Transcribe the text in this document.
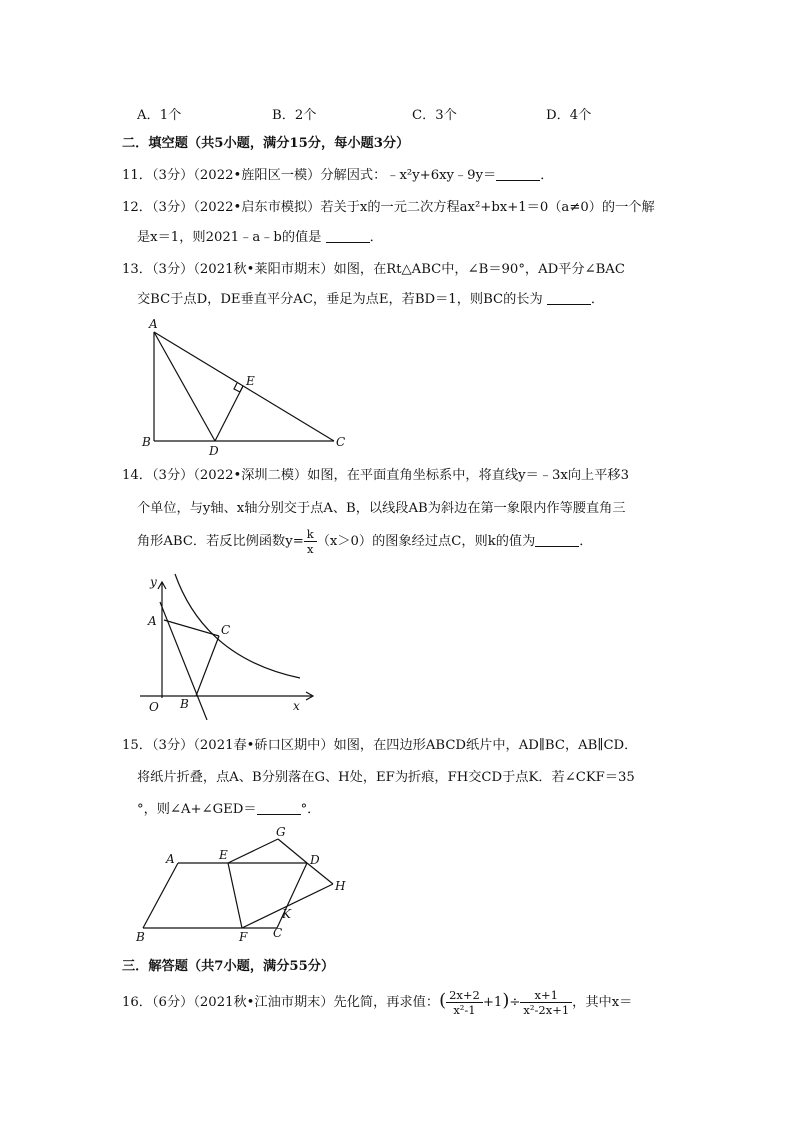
A．1个	B．2个	C．3个	D．4个
二．填空题（共5小题，满分15分，每小题3分）
11．（3分）（2022•旌阳区一模）分解因式：﹣x²y+6xy﹣9y＝	．
12．（3分）（2022•启东市模拟）若关于x的一元二次方程ax²+bx+1＝0（a≠0）的一个解
是x＝1，则2021﹣a﹣b的值是	．
13．（3分）（2021秋•莱阳市期末）如图，在Rt△ABC中，∠B＝90°，AD平分∠BAC
交BC于点D，DE垂直平分AC，垂足为点E，若BD＝1，则BC的长为	．
A
B	C
D
E
14．（3分）（2022•深圳二模）如图，在平面直角坐标系中，将直线y＝﹣3x向上平移3
个单位，与y轴、x轴分别交于点A、B，以线段AB为斜边在第一象限内作等腰直角三
角形ABC．若反比例函数$y= \frac{k}{x} (x>0)$的图象经过点C，则k的值为	．
y
x
O
A
B
C
15．（3分）（2021春•硚口区期中）如图，在四边形ABCD纸片中，AD∥BC，AB∥CD．
将纸片折叠，点A、B分别落在G、H处，EF为折痕，FH交CD于点K．若∠CKF＝35
°，则∠A+∠GED＝	°．
A	E
G
D
H
K
C
F
B
三．解答题（共7小题，满分55分）
16．（6分）（2021秋•江油市期末）先化简，再求值：( $\frac{2x+2}{\text{x²-1}} +1)\div \frac{x+1}{\text{x²-2x+1}}$ ，其中x＝
